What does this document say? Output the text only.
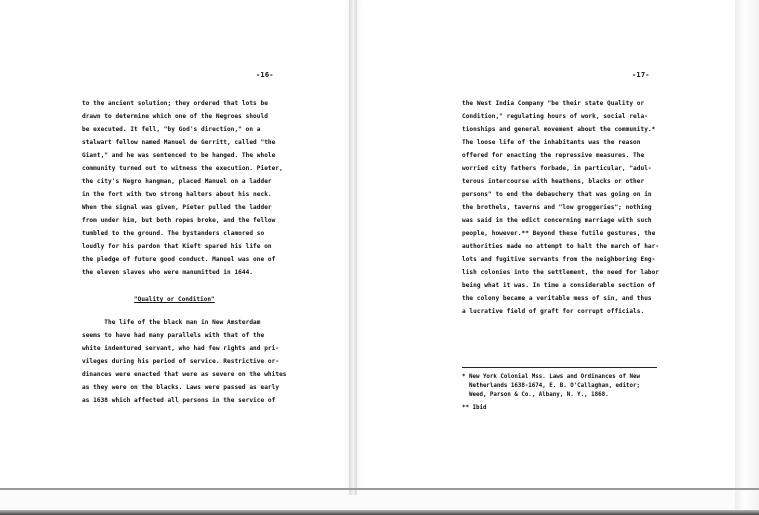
-16-
to the ancient solution; they ordered that lots be
drawn to determine which one of the Negroes should
be executed. It fell, "by God's direction," on a
stalwart fellow named Manuel de Gerritt, called "the
Giant," and he was sentenced to be hanged. The whole
community turned out to witness the execution. Pieter,
the city's Negro hangman, placed Manuel on a ladder
in the fort with two strong halters about his neck.
When the signal was given, Pieter pulled the ladder
from under him, but both ropes broke, and the fellow
tumbled to the ground. The bystanders clamored so
loudly for his pardon that Kieft spared his life on
the pledge of future good conduct. Manuel was one of
the eleven slaves who were manumitted in 1644.
"Quality or Condition"
The life of the black man in New Amsterdam
seems to have had many parallels with that of the
white indentured servant, who had few rights and pri-
vileges during his period of service. Restrictive or-
dinances were enacted that were as severe on the whites
as they were on the blacks. Laws were passed as early
as 1638 which affected all persons in the service of
-17-
the West India Company "be their state Quality or
Condition," regulating hours of work, social rela-
tionships and general movement about the community.*
The loose life of the inhabitants was the reason
offered for enacting the repressive measures. The
worried city fathers forbade, in particular, "adul-
terous intercourse with heathens, blacks or other
persons" to end the debauchery that was going on in
the brothels, taverns and "low groggeries"; nothing
was said in the edict concerning marriage with such
people, however.** Beyond these futile gestures, the
authorities made no attempt to halt the march of har-
lots and fugitive servants from the neighboring Eng-
lish colonies into the settlement, the need for labor
being what it was. In time a considerable section of
the colony became a veritable mess of sin, and thus
a lucrative field of graft for corrupt officials.
* New York Colonial Mss. Laws and Ordinances of New
Netherlands 1638-1674, E. B. O'Callaghan, editor;
Weed, Parson & Co., Albany, N. Y., 1868.
** Ibid
